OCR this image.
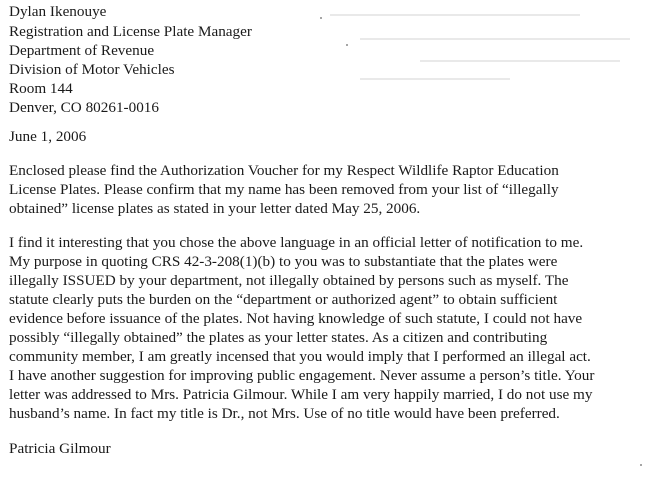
Dylan Ikenouye
Registration and License Plate Manager
Department of Revenue
Division of Motor Vehicles
Room 144
Denver, CO 80261-0016
June 1, 2006
Enclosed please find the Authorization Voucher for my Respect Wildlife Raptor Education
License Plates. Please confirm that my name has been removed from your list of “illegally
obtained” license plates as stated in your letter dated May 25, 2006.
I find it interesting that you chose the above language in an official letter of notification to me.
My purpose in quoting CRS 42-3-208(1)(b) to you was to substantiate that the plates were
illegally ISSUED by your department, not illegally obtained by persons such as myself. The
statute clearly puts the burden on the “department or authorized agent” to obtain sufficient
evidence before issuance of the plates. Not having knowledge of such statute, I could not have
possibly “illegally obtained” the plates as your letter states. As a citizen and contributing
community member, I am greatly incensed that you would imply that I performed an illegal act.
I have another suggestion for improving public engagement. Never assume a person’s title. Your
letter was addressed to Mrs. Patricia Gilmour. While I am very happily married, I do not use my
husband’s name. In fact my title is Dr., not Mrs. Use of no title would have been preferred.
Patricia Gilmour
